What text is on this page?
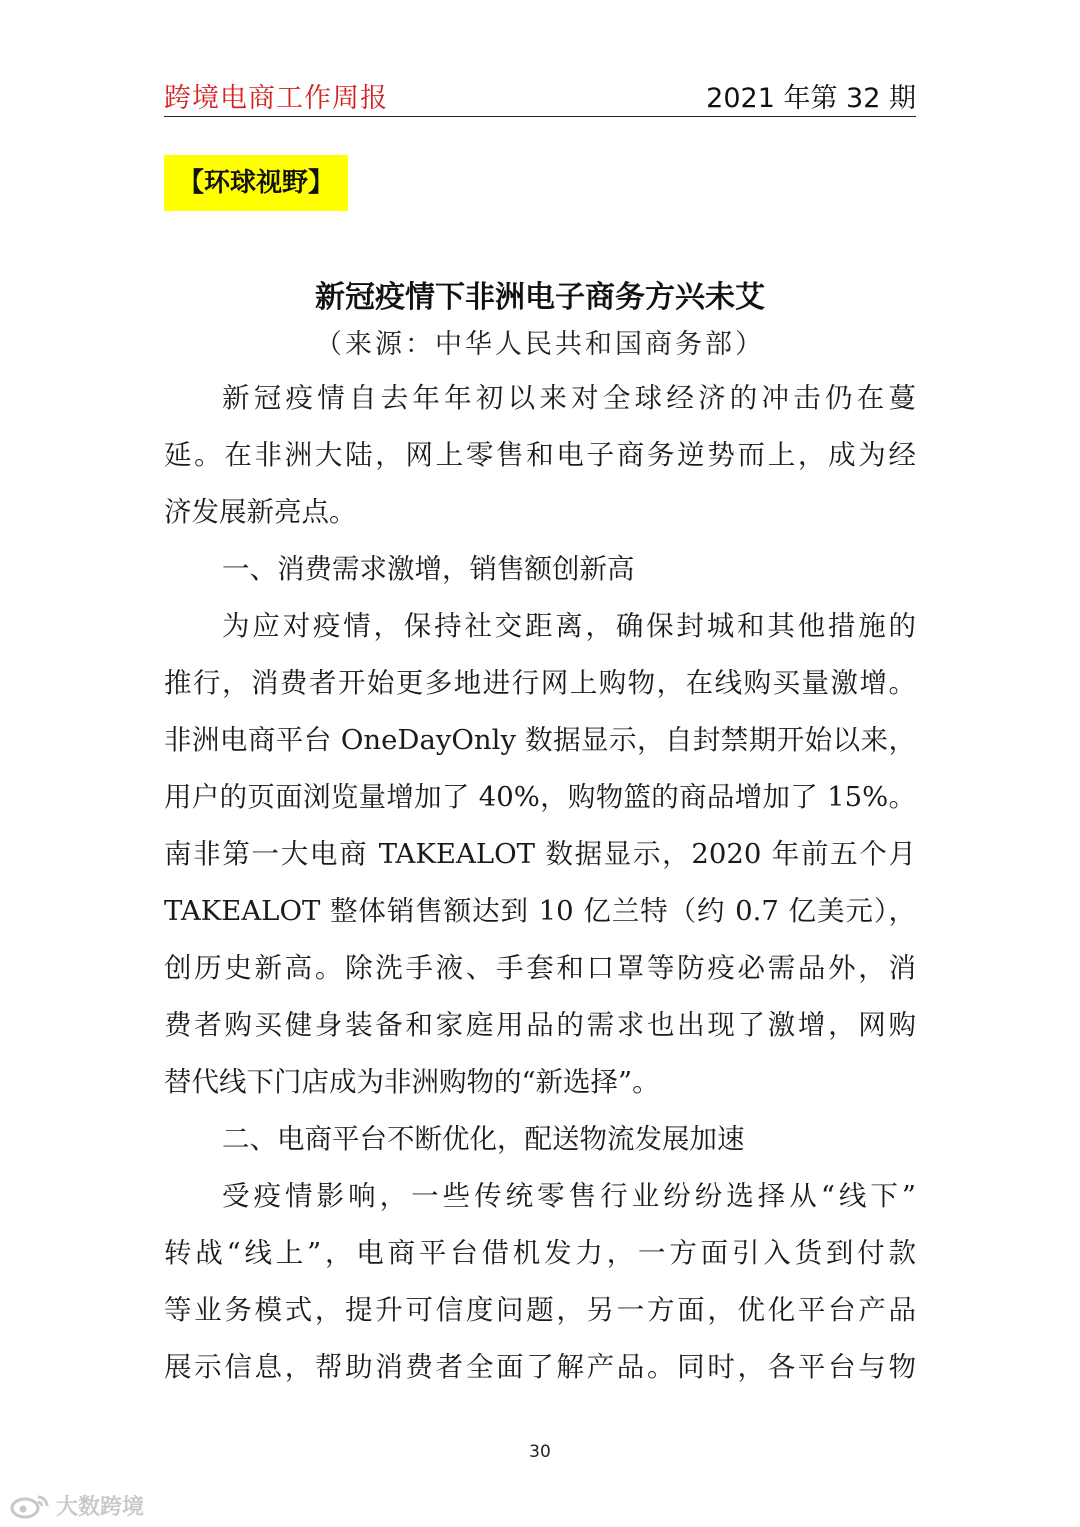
跨境电商工作周报	2021 年第 32 期
【环球视野】
新冠疫情下非洲电子商务方兴未艾
（来源：中华人民共和国商务部）
新冠疫情自去年年初以来对全球经济的冲击仍在蔓
延。在非洲大陆，网上零售和电子商务逆势而上，成为经
济发展新亮点。
一、消费需求激增，销售额创新高
为应对疫情，保持社交距离，确保封城和其他措施的
推行，消费者开始更多地进行网上购物，在线购买量激增。
非洲电商平台 OneDayOnly 数据显示，自封禁期开始以来，
用户的页面浏览量增加了 40%，购物篮的商品增加了 15%。
南非第一大电商 TAKEALOT 数据显示，2020 年前五个月
TAKEALOT 整体销售额达到 10 亿兰特（约 0.7 亿美元），
创历史新高。除洗手液、手套和口罩等防疫必需品外，消
费者购买健身装备和家庭用品的需求也出现了激增，网购
替代线下门店成为非洲购物的“新选择”。
二、电商平台不断优化，配送物流发展加速
受疫情影响，一些传统零售行业纷纷选择从“线下”
转战“线上”，电商平台借机发力，一方面引入货到付款
等业务模式，提升可信度问题，另一方面，优化平台产品
展示信息，帮助消费者全面了解产品。同时，各平台与物
30
大数跨境
